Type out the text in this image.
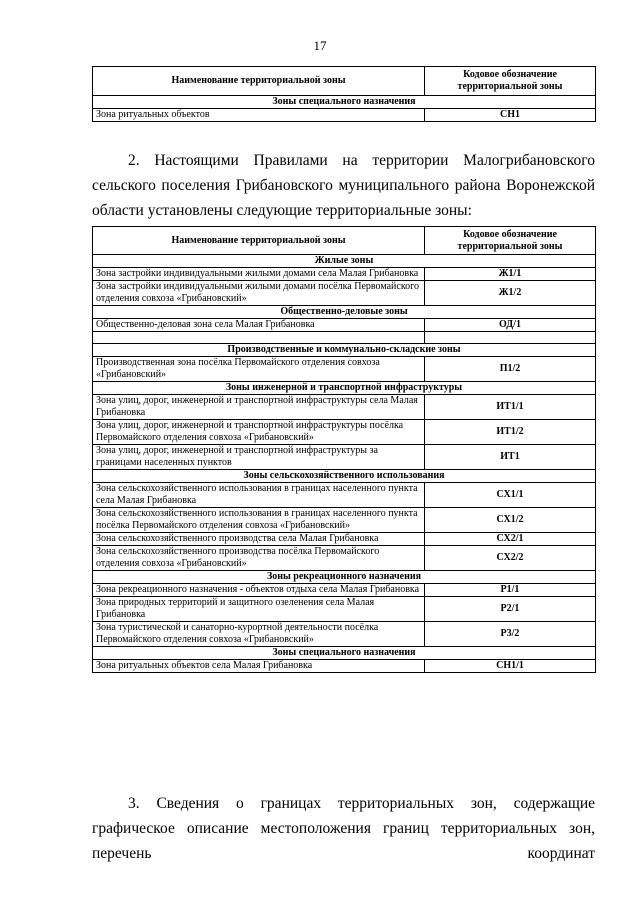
17
Наименование территориальной зоны	Кодовое обозначение территориальной зоны
Зоны специального назначения	
Зона ритуальных объектов	СН1
2. Настоящими Правилами на территории Малогрибановского сельского поселения Грибановского муниципального района Воронежской области установлены следующие территориальные зоны:
Наименование территориальной зоны	Кодовое обозначение территориальной зоны
Жилые зоны	
Зона застройки индивидуальными жилыми домами села Малая Грибановка	Ж1/1
Зона застройки индивидуальными жилыми домами посёлка Первомайского отделения совхоза «Грибановский»	Ж1/2
Общественно-деловые зоны	
Общественно-деловая зона села Малая Грибановка	ОД/1

Производственные и коммунально-складские зоны	
Производственная зона посёлка Первомайского отделения совхоза «Грибановский»	П1/2
Зоны инженерной и транспортной инфраструктуры	
Зона улиц, дорог, инженерной и транспортной инфраструктуры села Малая Грибановка	ИТ1/1
Зона улиц, дорог, инженерной и транспортной инфраструктуры посёлка Первомайского отделения совхоза «Грибановский»	ИТ1/2
Зона улиц, дорог, инженерной и транспортной инфраструктуры за границами населенных пунктов	ИТ1
Зоны сельскохозяйственного использования	
Зона сельскохозяйственного использования в границах населенного пункта села Малая Грибановка	СХ1/1
Зона сельскохозяйственного использования в границах населенного пункта посёлка Первомайского отделения совхоза «Грибановский»	СХ1/2
Зона сельскохозяйственного производства села Малая Грибановка	СХ2/1
Зона сельскохозяйственного производства посёлка Первомайского отделения совхоза «Грибановский»	СХ2/2
Зоны рекреационного назначения	
Зона рекреационного назначения - объектов отдыха села Малая Грибановка	Р1/1
Зона природных территорий и защитного озеленения села Малая Грибановка	Р2/1
Зона туристической и санаторно-курортной деятельности посёлка Первомайского отделения совхоза «Грибановский»	Р3/2
Зоны специального назначения	
Зона ритуальных объектов села Малая Грибановка	СН1/1
3. Сведения о границах территориальных зон, содержащие графическое описание местоположения границ территориальных зон, перечень координат
